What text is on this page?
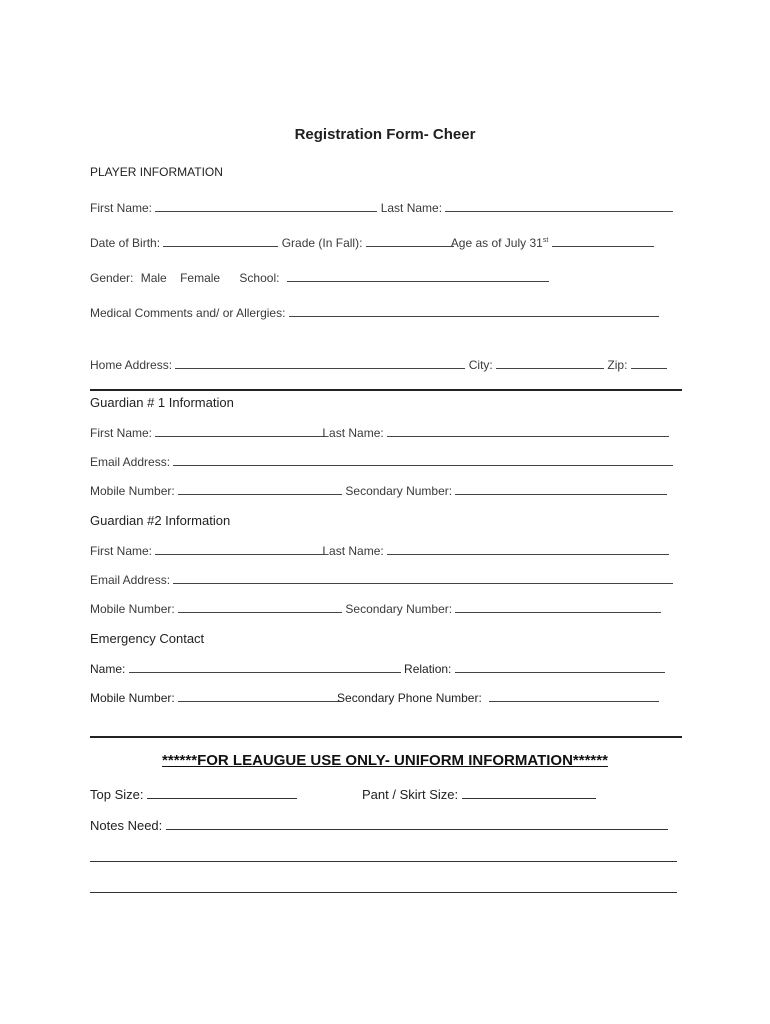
Registration Form- Cheer
PLAYER INFORMATION
First Name:	Last Name:
Date of Birth:	Grade (In Fall):	Age as of July 31st
Gender: Male Female School:
Medical Comments and/ or Allergies:
Home Address:	City:	Zip:
Guardian # 1 Information
First Name:	Last Name:
Email Address:
Mobile Number:	Secondary Number:
Guardian #2 Information
First Name:	Last Name:
Email Address:
Mobile Number:	Secondary Number:
Emergency Contact
Name:	Relation:
Mobile Number:	Secondary Phone Number:
******FOR LEAUGUE USE ONLY- UNIFORM INFORMATION******
Top Size:	Pant / Skirt Size:
Notes Need:
